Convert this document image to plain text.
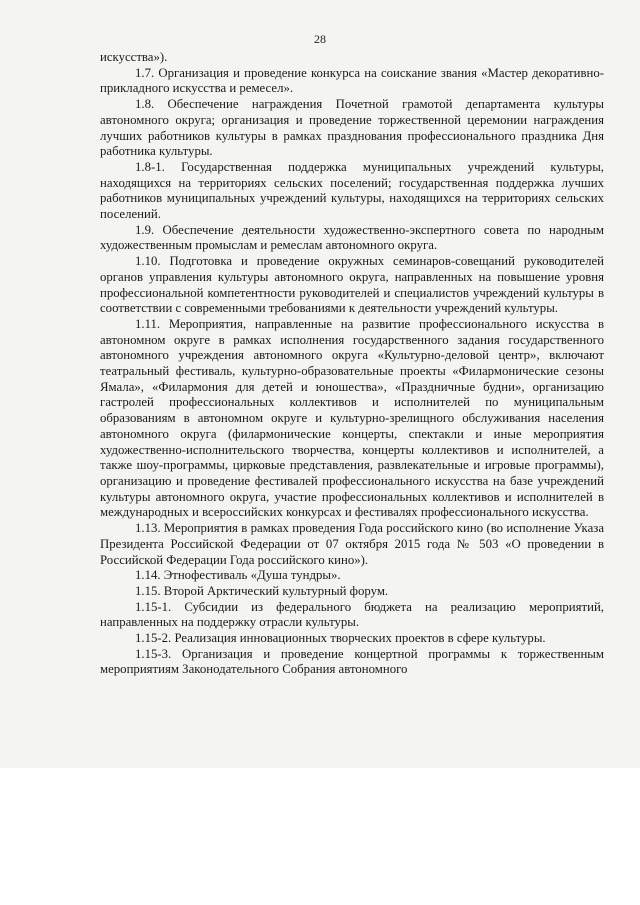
28

искусства»).

1.7. Организация и проведение конкурса на соискание звания «Мастер декоративно-прикладного искусства и ремесел».

1.8. Обеспечение награждения Почетной грамотой департамента культуры автономного округа; организация и проведение торжественной церемонии награждения лучших работников культуры в рамках празднования профессионального праздника Дня работника культуры.

1.8-1. Государственная поддержка муниципальных учреждений культуры, находящихся на территориях сельских поселений; государственная поддержка лучших работников муниципальных учреждений культуры, находящихся на территориях сельских поселений.

1.9. Обеспечение деятельности художественно-экспертного совета по народным художественным промыслам и ремеслам автономного округа.

1.10. Подготовка и проведение окружных семинаров-совещаний руководителей органов управления культуры автономного округа, направленных на повышение уровня профессиональной компетентности руководителей и специалистов учреждений культуры в соответствии с современными требованиями к деятельности учреждений культуры.

1.11. Мероприятия, направленные на развитие профессионального искусства в автономном округе в рамках исполнения государственного задания государственного автономного учреждения автономного округа «Культурно-деловой центр», включают театральный фестиваль, культурно-образовательные проекты «Филармонические сезоны Ямала», «Филармония для детей и юношества», «Праздничные будни», организацию гастролей профессиональных коллективов и исполнителей по муниципальным образованиям в автономном округе и культурно-зрелищного обслуживания населения автономного округа (филармонические концерты, спектакли и иные мероприятия художественно-исполнительского творчества, концерты коллективов и исполнителей, а также шоу-программы, цирковые представления, развлекательные и игровые программы), организацию и проведение фестивалей профессионального искусства на базе учреждений культуры автономного округа, участие профессиональных коллективов и исполнителей в международных и всероссийских конкурсах и фестивалях профессионального искусства.

1.13. Мероприятия в рамках проведения Года российского кино (во исполнение Указа Президента Российской Федерации от 07 октября 2015 года № 503 «О проведении в Российской Федерации Года российского кино»).

1.14. Этнофестиваль «Душа тундры».

1.15. Второй Арктический культурный форум.

1.15-1. Субсидии из федерального бюджета на реализацию мероприятий, направленных на поддержку отрасли культуры.

1.15-2. Реализация инновационных творческих проектов в сфере культуры.

1.15-3. Организация и проведение концертной программы к торжественным мероприятиям Законодательного Собрания автономного
